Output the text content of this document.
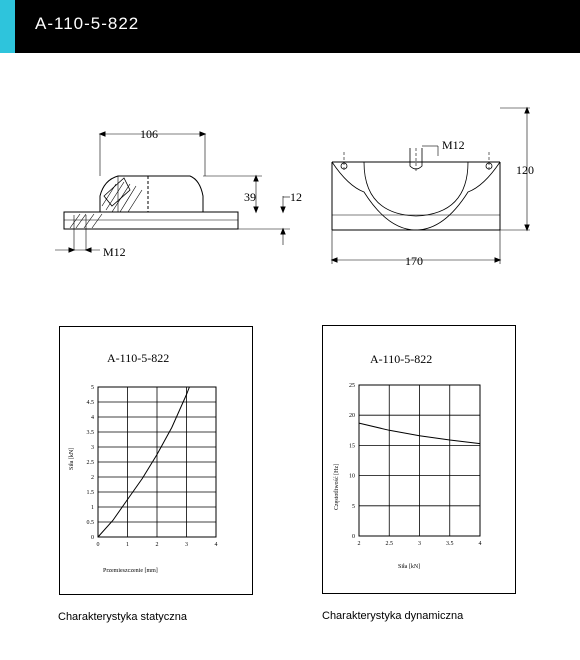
A-110-5-822
106
39	12
M12
M12
120
170
A-110-5-822
0	1	2	3	4
0
0.5
1
1.5
2
2.5
3
3.5
4
4.5
5
Siła [kN]
Przemieszczenie [mm]
A-110-5-822
2	2.5	3	3.5	4
0
5
10
15
20
25
Częstotliwość [Hz]
Siła [kN]
Charakterystyka statyczna	Charakterystyka dynamiczna
